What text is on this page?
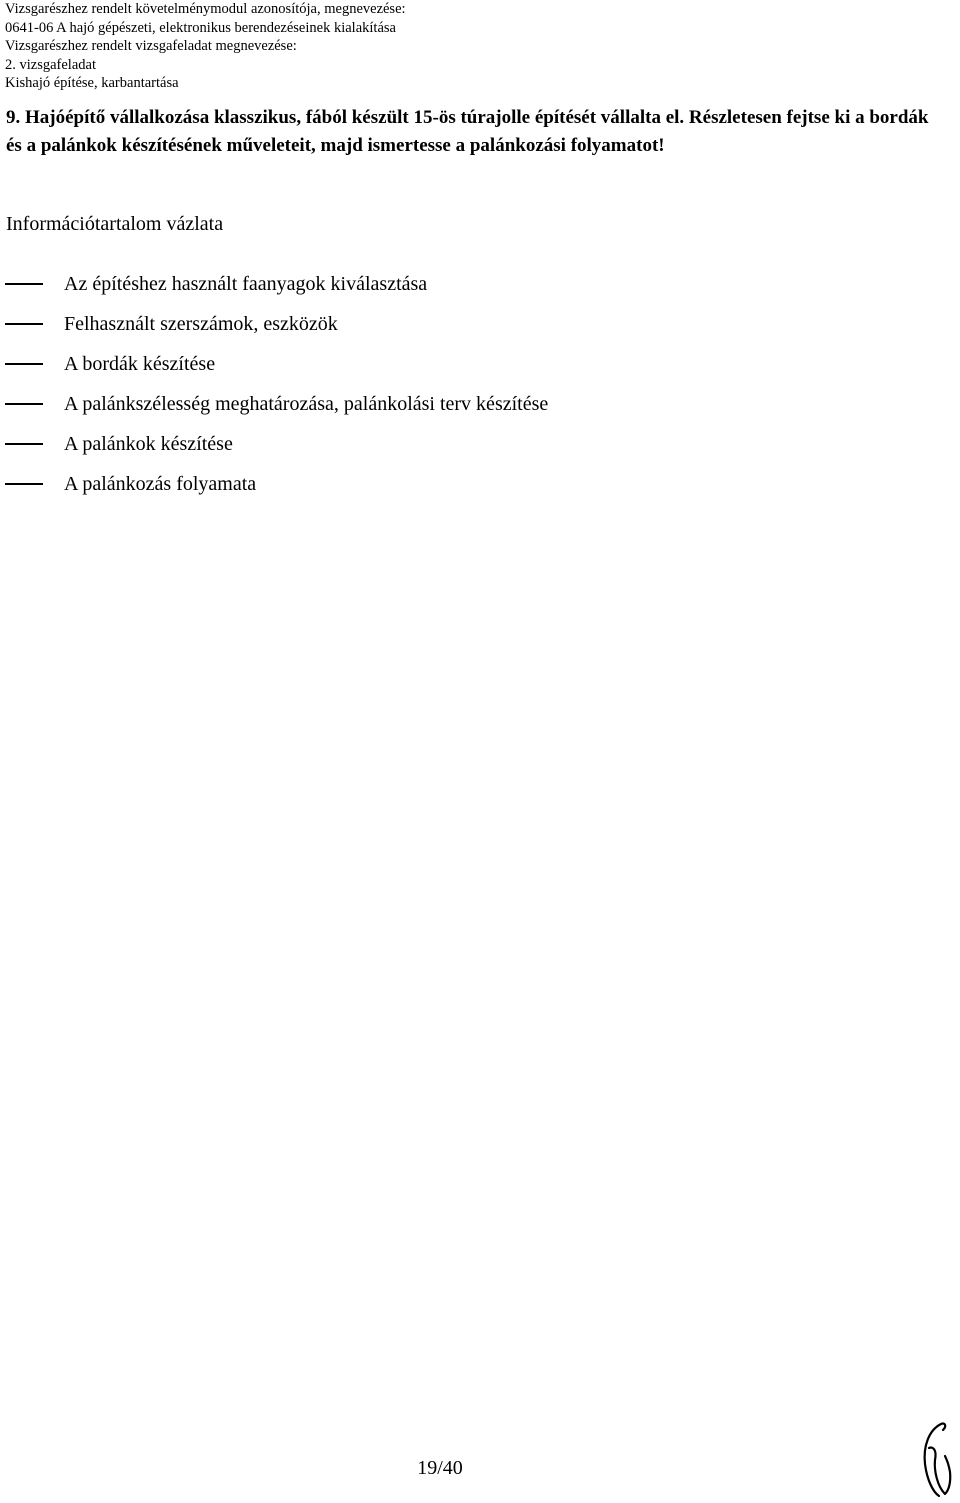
Vizsgarészhez rendelt követelménymodul azonosítója, megnevezése:
0641-06 A hajó gépészeti, elektronikus berendezéseinek kialakítása
Vizsgarészhez rendelt vizsgafeladat megnevezése:
2. vizsgafeladat
Kishajó építése, karbantartása
9. Hajóépítő vállalkozása klasszikus, fából készült 15-ös túrajolle építését vállalta el. Részletesen fejtse ki a bordák és a palánkok készítésének műveleteit, majd ismertesse a palánkozási folyamatot!
Információtartalom vázlata
Az építéshez használt faanyagok kiválasztása
Felhasznált szerszámok, eszközök
A bordák készítése
A palánkszélesség meghatározása, palánkolási terv készítése
A palánkok készítése
A palánkozás folyamata
19/40
